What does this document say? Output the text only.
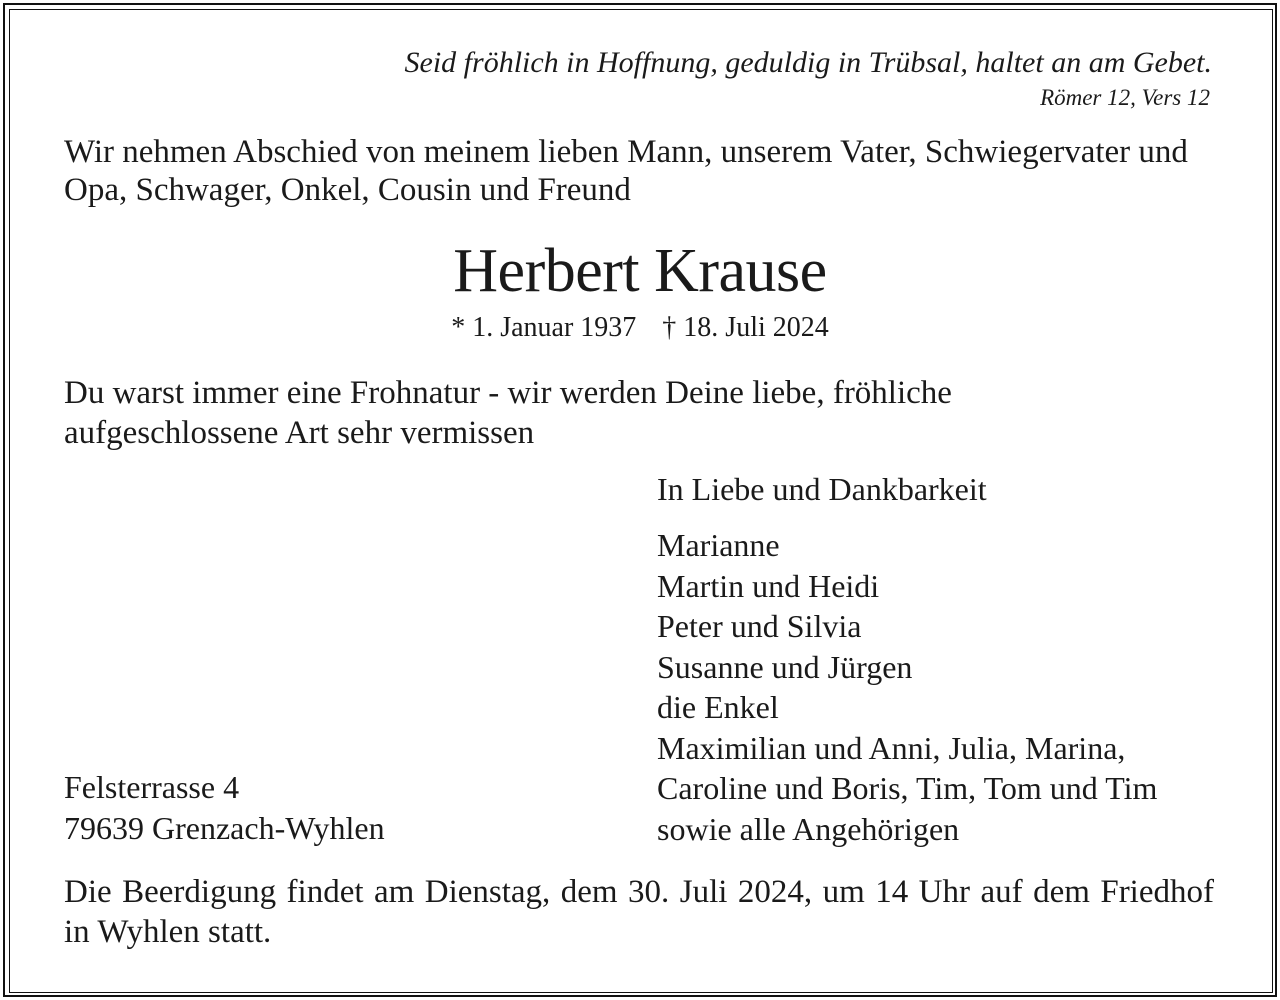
Seid fröhlich in Hoffnung, geduldig in Trübsal, haltet an am Gebet.
Römer 12, Vers 12
Wir nehmen Abschied von meinem lieben Mann, unserem Vater, Schwiegervater und Opa, Schwager, Onkel, Cousin und Freund
Herbert Krause
* 1. Januar 1937 † 18. Juli 2024
Du warst immer eine Frohnatur - wir werden Deine liebe, fröhliche aufgeschlossene Art sehr vermissen
In Liebe und Dankbarkeit
Marianne
Martin und Heidi
Peter und Silvia
Susanne und Jürgen
die Enkel
Maximilian und Anni, Julia, Marina,
Caroline und Boris, Tim, Tom und Tim
sowie alle Angehörigen
Felsterrasse 4
79639 Grenzach-Wyhlen
Die Beerdigung findet am Dienstag, dem 30. Juli 2024, um 14 Uhr auf dem Friedhof in Wyhlen statt.
